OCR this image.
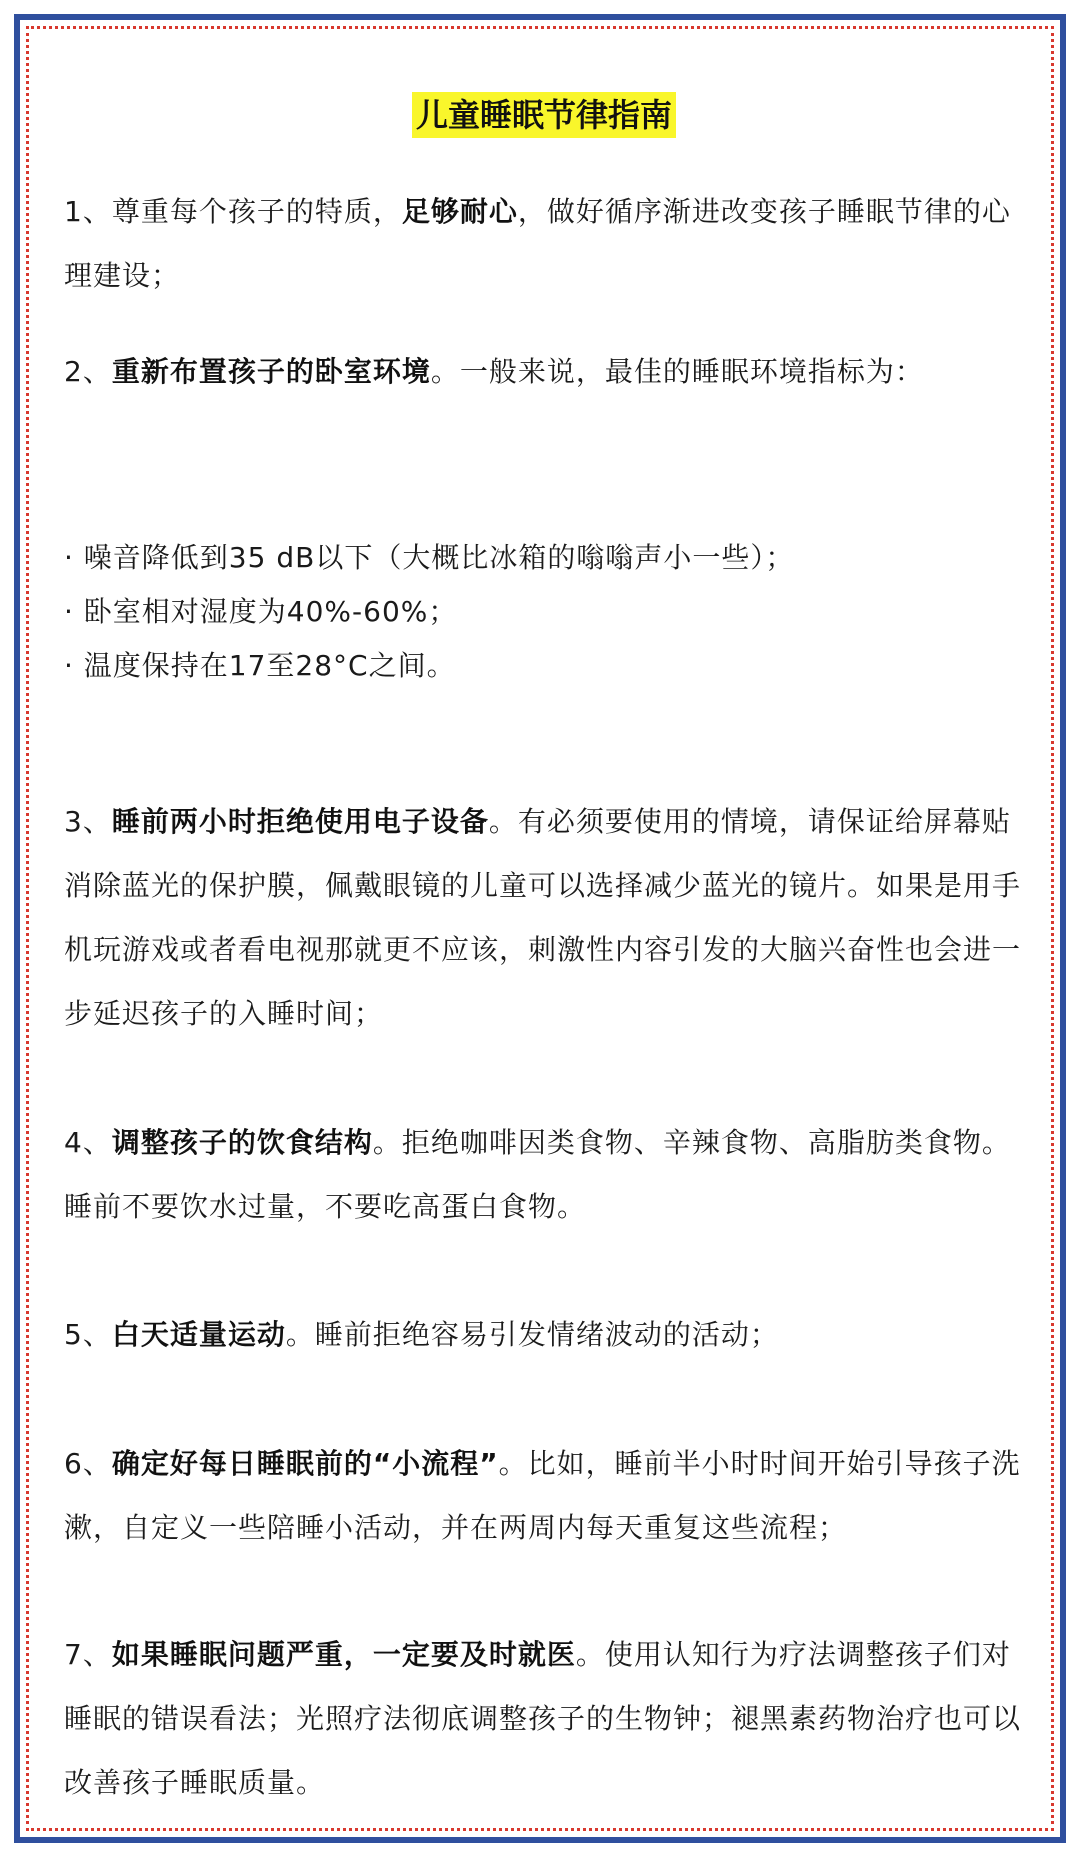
儿童睡眠节律指南

1、尊重每个孩子的特质，足够耐心，做好循序渐进改变孩子睡眠节律的心理建设；

2、重新布置孩子的卧室环境。一般来说，最佳的睡眠环境指标为：

· 噪音降低到35 dB以下（大概比冰箱的嗡嗡声小一些）；
· 卧室相对湿度为40%-60%；
· 温度保持在17至28°C之间。

3、睡前两小时拒绝使用电子设备。有必须要使用的情境，请保证给屏幕贴消除蓝光的保护膜，佩戴眼镜的儿童可以选择减少蓝光的镜片。如果是用手机玩游戏或者看电视那就更不应该，刺激性内容引发的大脑兴奋性也会进一步延迟孩子的入睡时间；

4、调整孩子的饮食结构。拒绝咖啡因类食物、辛辣食物、高脂肪类食物。睡前不要饮水过量，不要吃高蛋白食物。

5、白天适量运动。睡前拒绝容易引发情绪波动的活动；

6、确定好每日睡眠前的“小流程”。比如，睡前半小时时间开始引导孩子洗漱，自定义一些陪睡小活动，并在两周内每天重复这些流程；

7、如果睡眠问题严重，一定要及时就医。使用认知行为疗法调整孩子们对睡眠的错误看法；光照疗法彻底调整孩子的生物钟；褪黑素药物治疗也可以改善孩子睡眠质量。
